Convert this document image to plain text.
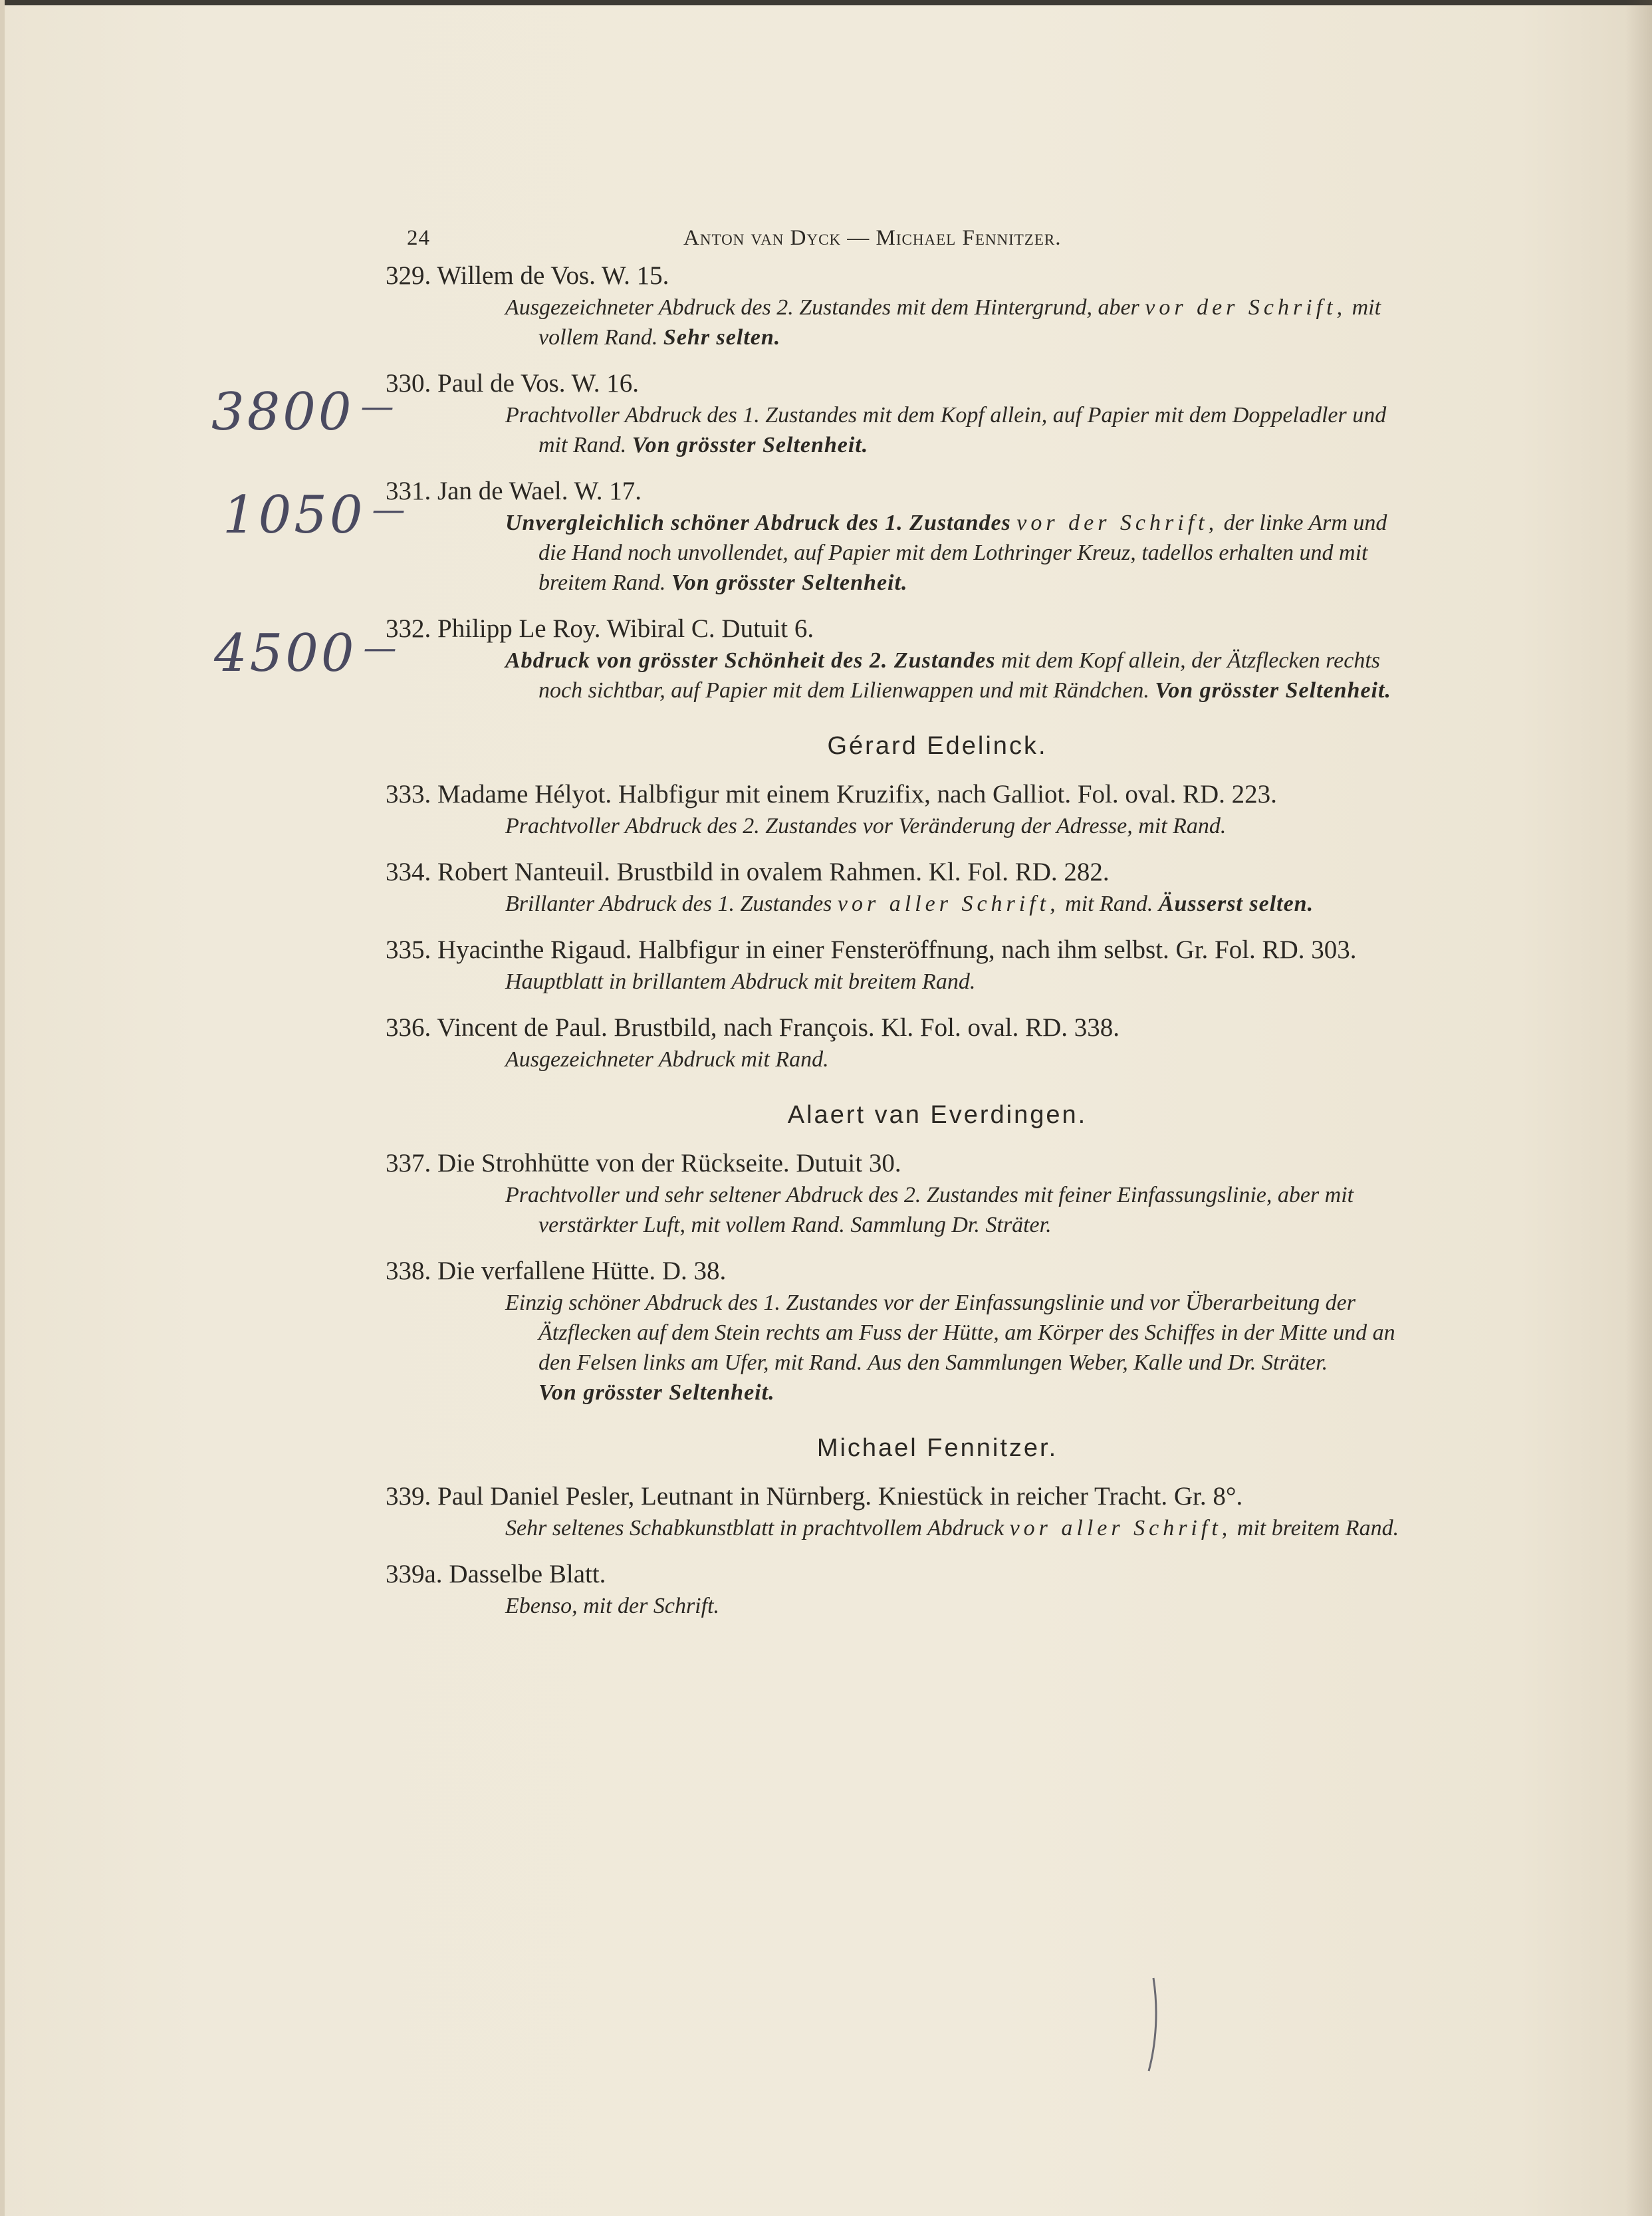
3800 —
1050 —
4500 —
24	Anton van Dyck — Michael Fennitzer.
329. Willem de Vos. W. 15.
Ausgezeichneter Abdruck des 2. Zustandes mit dem Hintergrund, aber vor der Schrift, mit vollem Rand. Sehr selten.
330. Paul de Vos. W. 16.
Prachtvoller Abdruck des 1. Zustandes mit dem Kopf allein, auf Papier mit dem Doppeladler und mit Rand. Von grösster Seltenheit.
331. Jan de Wael. W. 17.
Unvergleichlich schöner Abdruck des 1. Zustandes vor der Schrift, der linke Arm und die Hand noch unvollendet, auf Papier mit dem Lothringer Kreuz, tadellos erhalten und mit breitem Rand. Von grösster Seltenheit.
332. Philipp Le Roy. Wibiral C. Dutuit 6.
Abdruck von grösster Schönheit des 2. Zustandes mit dem Kopf allein, der Ätzflecken rechts noch sichtbar, auf Papier mit dem Lilienwappen und mit Rändchen. Von grösster Seltenheit.
Gérard Edelinck.
333. Madame Hélyot. Halbfigur mit einem Kruzifix, nach Galliot. Fol. oval. RD. 223.
Prachtvoller Abdruck des 2. Zustandes vor Veränderung der Adresse, mit Rand.
334. Robert Nanteuil. Brustbild in ovalem Rahmen. Kl. Fol. RD. 282.
Brillanter Abdruck des 1. Zustandes vor aller Schrift, mit Rand. Äusserst selten.
335. Hyacinthe Rigaud. Halbfigur in einer Fensteröffnung, nach ihm selbst. Gr. Fol. RD. 303.
Hauptblatt in brillantem Abdruck mit breitem Rand.
336. Vincent de Paul. Brustbild, nach François. Kl. Fol. oval. RD. 338.
Ausgezeichneter Abdruck mit Rand.
Alaert van Everdingen.
337. Die Strohhütte von der Rückseite. Dutuit 30.
Prachtvoller und sehr seltener Abdruck des 2. Zustandes mit feiner Einfassungslinie, aber mit verstärkter Luft, mit vollem Rand. Sammlung Dr. Sträter.
338. Die verfallene Hütte. D. 38.
Einzig schöner Abdruck des 1. Zustandes vor der Einfassungslinie und vor Überarbeitung der Ätzflecken auf dem Stein rechts am Fuss der Hütte, am Körper des Schiffes in der Mitte und an den Felsen links am Ufer, mit Rand. Aus den Sammlungen Weber, Kalle und Dr. Sträter.
Von grösster Seltenheit.
Michael Fennitzer.
339. Paul Daniel Pesler, Leutnant in Nürnberg. Kniestück in reicher Tracht. Gr. 8°.
Sehr seltenes Schabkunstblatt in prachtvollem Abdruck vor aller Schrift, mit breitem Rand.
339a. Dasselbe Blatt.
Ebenso, mit der Schrift.
